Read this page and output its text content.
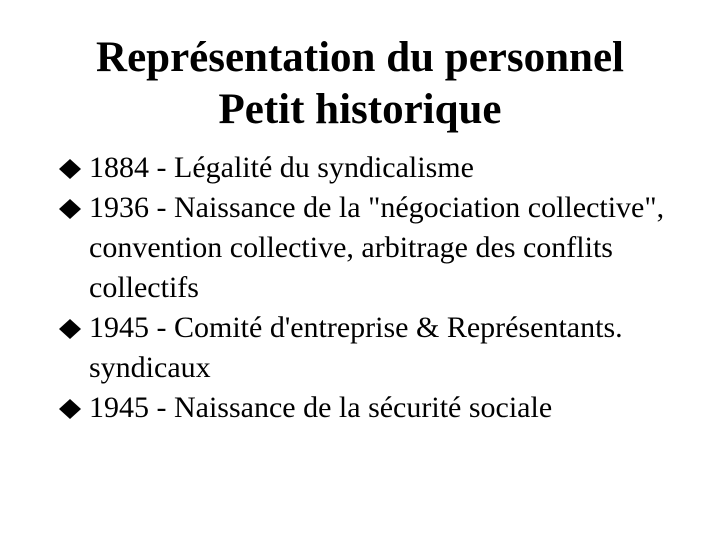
Représentation du personnel
Petit historique
1884 - Légalité du syndicalisme
1936 - Naissance de la "négociation collective", convention collective, arbitrage des conflits collectifs
1945 - Comité d'entreprise & Représentants. syndicaux
1945 - Naissance de la sécurité sociale
